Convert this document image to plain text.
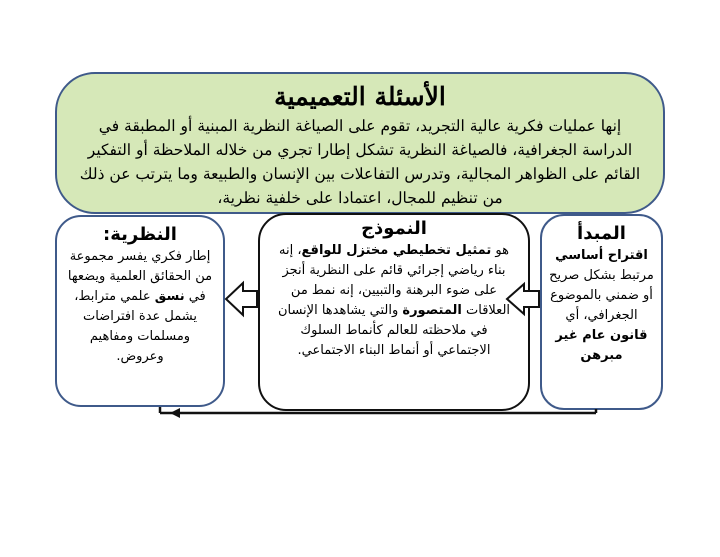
الأسئلة التعميمية
إنها عمليات فكرية عالية التجريد، تقوم على الصياغة النظرية المبنية أو المطبقة في الدراسة الجغرافية، فالصياغة النظرية تشكل إطارا تجري من خلاله الملاحظة أو التفكير القائم على الظواهر المجالية، وتدرس التفاعلات بين الإنسان والطبيعة وما يترتب عن ذلك من تنظيم للمجال، اعتمادا على خلفية نظرية،
النظرية:
إطار فكري يفسر مجموعة من الحقائق العلمية ويضعها في نسق علمي مترابط، يشمل عدة افتراضات ومسلمات ومفاهيم وعروض.
النموذج
هو تمثيل تخطيطي مختزل للواقع، إنه بناء رياضي إجرائي قائم على النظرية أنجز على ضوء البرهنة والتبيين، إنه نمط من العلاقات المتصورة والتي يشاهدها الإنسان في ملاحظته للعالم كأنماط السلوك الاجتماعي أو أنماط البناء الاجتماعي.
المبدأ
اقتراح أساسي مرتبط بشكل صريح أو ضمني بالموضوع الجغرافي، أي قانون عام غير مبرهن
